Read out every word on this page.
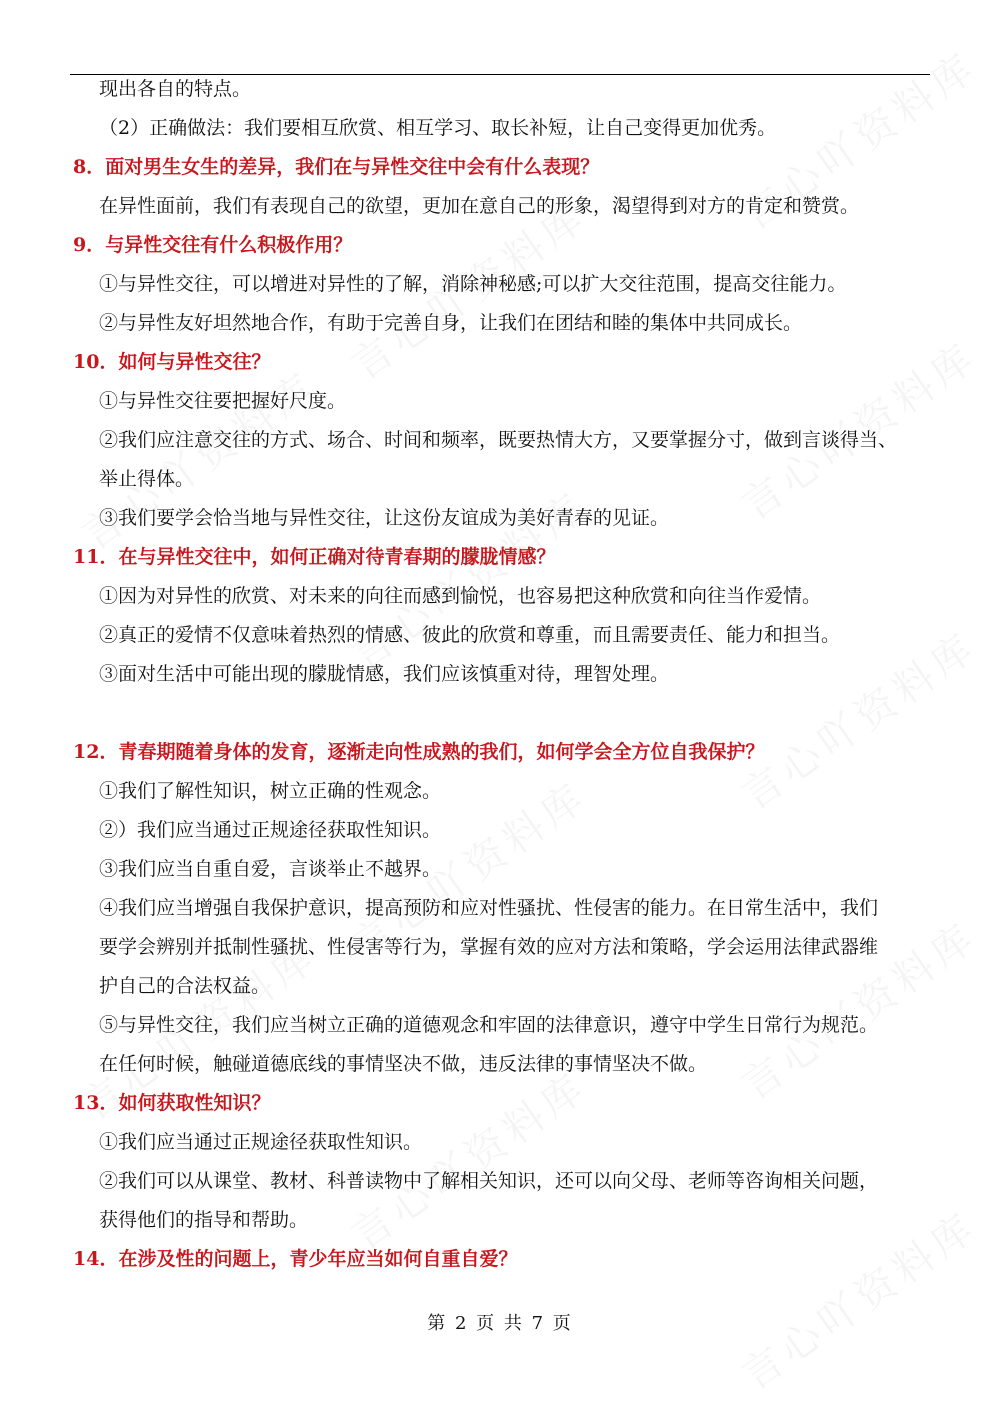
现出各自的特点。
（2）正确做法：我们要相互欣赏、相互学习、取长补短，让自己变得更加优秀。
8．面对男生女生的差异，我们在与异性交往中会有什么表现？
在异性面前，我们有表现自己的欲望，更加在意自己的形象，渴望得到对方的肯定和赞赏。
9．与异性交往有什么积极作用？
①与异性交往，可以增进对异性的了解，消除神秘感;可以扩大交往范围，提高交往能力。
②与异性友好坦然地合作，有助于完善自身，让我们在团结和睦的集体中共同成长。
10．如何与异性交往？
①与异性交往要把握好尺度。
②我们应注意交往的方式、场合、时间和频率，既要热情大方，又要掌握分寸，做到言谈得当、
举止得体。
③我们要学会恰当地与异性交往，让这份友谊成为美好青春的见证。
11．在与异性交往中，如何正确对待青春期的朦胧情感？
①因为对异性的欣赏、对未来的向往而感到愉悦，也容易把这种欣赏和向往当作爱情。
②真正的爱情不仅意味着热烈的情感、彼此的欣赏和尊重，而且需要责任、能力和担当。
③面对生活中可能出现的朦胧情感，我们应该慎重对待，理智处理。
12．青春期随着身体的发育，逐渐走向性成熟的我们，如何学会全方位自我保护？
①我们了解性知识，树立正确的性观念。
②）我们应当通过正规途径获取性知识。
③我们应当自重自爱，言谈举止不越界。
④我们应当增强自我保护意识，提高预防和应对性骚扰、性侵害的能力。在日常生活中，我们
要学会辨别并抵制性骚扰、性侵害等行为，掌握有效的应对方法和策略，学会运用法律武器维
护自己的合法权益。
⑤与异性交往，我们应当树立正确的道德观念和牢固的法律意识，遵守中学生日常行为规范。
在任何时候，触碰道德底线的事情坚决不做，违反法律的事情坚决不做。
13．如何获取性知识？
①我们应当通过正规途径获取性知识。
②我们可以从课堂、教材、科普读物中了解相关知识，还可以向父母、老师等咨询相关问题，
获得他们的指导和帮助。
14．在涉及性的问题上，青少年应当如何自重自爱？
第 2 页 共 7 页
